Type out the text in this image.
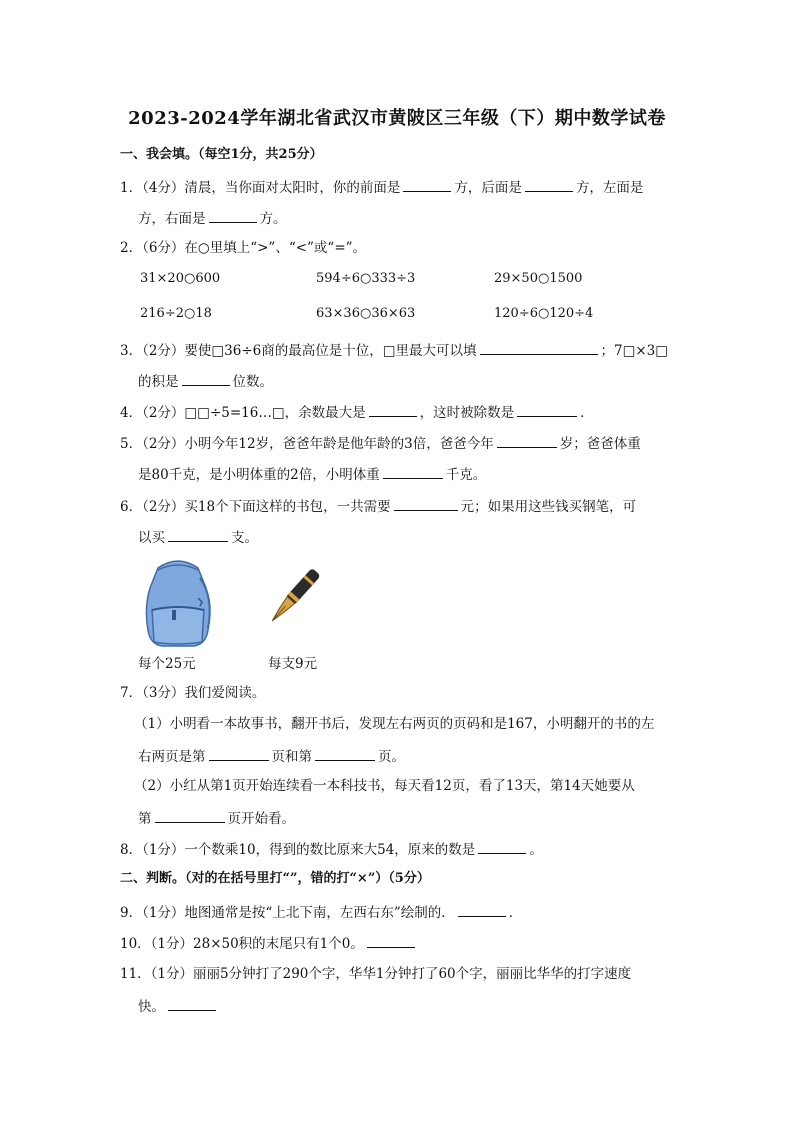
2023-2024学年湖北省武汉市黄陂区三年级（下）期中数学试卷
一、我会填。（每空1分，共25分）
1．（4分）清晨，当你面对太阳时，你的前面是	方，后面是	方，左面是
方，右面是	方。
2．（6分）在○里填上“>”、“<”或“=”。
31×20○600	594÷6○333÷3	29×50○1500
216÷2○18	63×36○36×63	120÷6○120÷4
3．（2分）要使□36÷6商的最高位是十位，□里最大可以填	；7□×3□
的积是	位数。
4．（2分）□□÷5=16…□，余数最大是	，这时被除数是	．
5．（2分）小明今年12岁，爸爸年龄是他年龄的3倍，爸爸今年	岁；爸爸体重
是80千克，是小明体重的2倍，小明体重	千克。
6．（2分）买18个下面这样的书包，一共需要	元；如果用这些钱买钢笔，可
以买	支。
每个25元	每支9元
7．（3分）我们爱阅读。
（1）小明看一本故事书，翻开书后，发现左右两页的页码和是167，小明翻开的书的左
右两页是第	页和第	页。
（2）小红从第1页开始连续看一本科技书，每天看12页，看了13天，第14天她要从
第	页开始看。
8．（1分）一个数乘10，得到的数比原来大54，原来的数是	。
二、判断。（对的在括号里打“”，错的打“×”）（5分）
9．（1分）地图通常是按“上北下南，左西右东”绘制的．	．
10．（1分）28×50积的末尾只有1个0。
11．（1分）丽丽5分钟打了290个字，华华1分钟打了60个字，丽丽比华华的打字速度
快。
